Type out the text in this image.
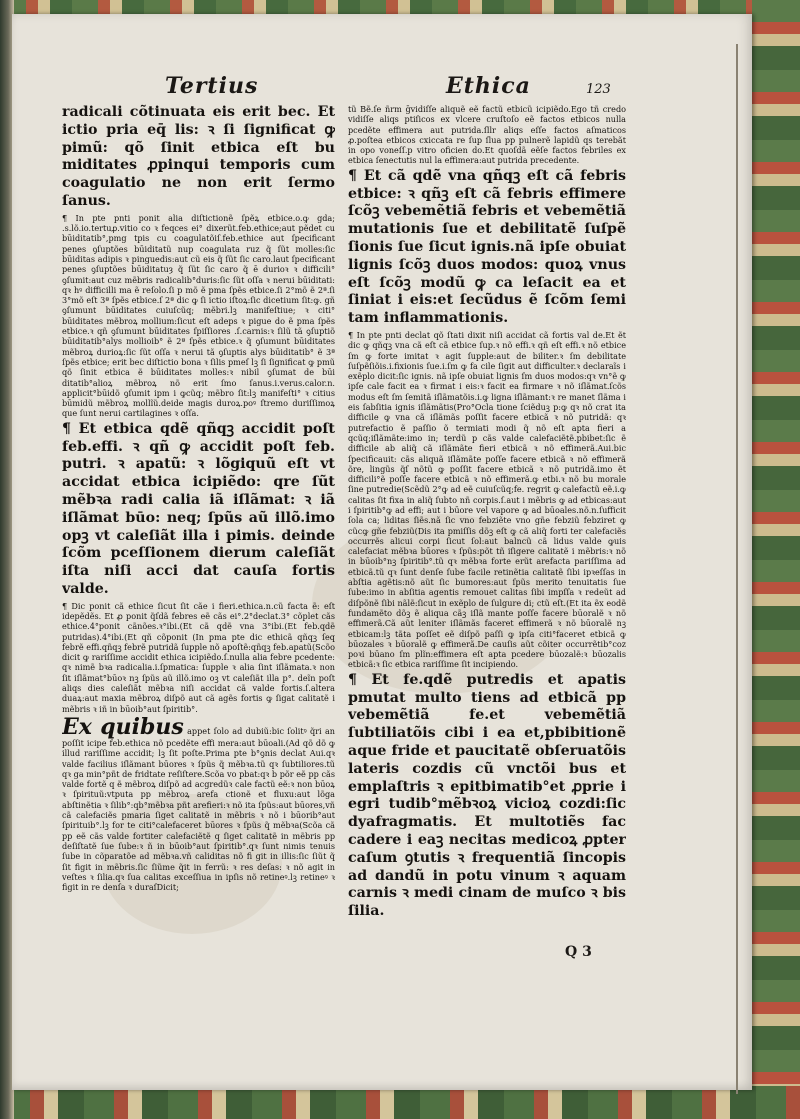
Tertius	Ethica	123

radicali cõtinuata eis erit bec. Et ictio pria eq̄ lis: ꝛ ſi ſignificat ꝙ pimũ: qõ ſinit etbica eſt bu miditates ꝓpinqui temporis cum coagulatio ne non erit ſermo ſanus.

¶ In pte pnti ponit alia diſtictionẽ ſpẽꝝ etbice.o.ꝙ gda; .s.lõ.io.tertuꝓ.vitio co ꝛ feqces ei° dixerũt.feb.ethice;aut pẽdet cu būiditatib°,pmg tpis cu coagulatõiſ.feb.ethice aut ſpecificant penes ꝯſuptões būiditatũ nup coagulata ruz q̃ ſũt molles:ſic būiditas adipis ꝛ pinguedis:aut cũ eis q̃ ſũt ſic caro.laut ſpecificant penes ꝯſuptões būiditatuȝ q̃ ſũt ſic caro q̃ ē durioꝛ ꝛ difficili° ꝯſumit:aut cuz mẽbris radicalib°duris:ſic ſũt oſſa ꝛ nerui būiditati: qꝛ hꝰ difficilli ma ẽ reſolo.ſi p mõ ẽ pma ſpẽs etbice.ſi 2°mõ ẽ 2ª.ſi 3°mõ eſt 3ª ſpẽs etbice.ſ 2ª dic ꝙ ſi ictio iſtoꝝ:ſic dicetium ſit:ꝙ. gñ ꝯſumunt būiditates cuiuſcũq; mẽbri.lꝫ manifeſtiue; ꝛ citi° būiditates mẽbroꝝ mollium:ſicut eſt adeps ꝛ pigue do ẽ pma ſpẽs etbice.ꝛ qñ ꝯſumunt būiditates ſpiſſiores .ſ.carnis:ꝛ ſilũ tã ꝯſuptiõ būiditatib°alys mollioib° ẽ 2ª ſpẽs etbice.ꝛ q̃ ꝯſumunt būiditates mẽbroꝝ durioꝝ:ſic ſũt oſſa ꝛ nerui tã ꝯſuptis alys būiditatib° ẽ 3ª ſpẽs etbice; erit bec diſtictio bona ꝛ ſilis pmeſ lꝫ ſi ſignificat ꝙ pmũ qõ ſinit etbica ẽ būiditates molles:ꝛ nibil ꝯſumat de būi ditatib°alioꝝ mẽbroꝝ nõ erit ſmo ſanus.i.verus.calor.n. applicit°būidõ ꝯſumit ipm i ꝙcũq; mẽbro ſit:lꝫ manifeſti° ꝛ citius būmidũ mẽbroꝝ mollĩũ.deide magis duroꝝ.poꝰ ſtremo duriſſimoꝝ que ſunt nerui cartilagines ꝛ oſſa.

¶ Et etbica qdẽ qñqꝫ accidit poſt feb.effi. ꝛ qñ ꝙ accidit poſt feb. putri. ꝛ apatũ: ꝛ lõgiquũ eſt vt accidat etbica icipiẽdo: qre ſũt mẽbꝛa radi calia iã iſlãmat: ꝛ iã iſlãmat būo: neq; ſpũs aũ illõ.imo opꝫ vt caleſiãt illa i pimis. deinde ſcõm pceſſionem dierum caleſiãt iſta niſi acci dat cauſa fortis valde.

¶ Dic ponit cã ethice ſicut ſit cãe i fieri.ethica.n.cũ facta ẽ: eſt idepẽdẽs. Et ꝓ ponit q̃ſdã febres eẽ cãs ei°.2°declat.3° cõplet cãs ethice.4°ponit cãnões.ꝛ°ibi.(Et cã qdẽ vna 3°ibi.(Et feb.qdẽ putridas).4°ibi.(Et qñ cõponit (In pma pte dic ethicã qñqꝫ ſeq febrẽ effi.qñqꝫ febrẽ putridã ſupple nõ apoſtẽ:qñqꝫ feb.apatũ(Scõo dicit ꝙ rariſſime accidit ethica icipiẽdo.ſ.nulla alia febre pcedente: qꝛ nimẽ bꝛa radicalia.i.ſpmatica: ſupple ꝛ alia ſint iſlãmata.ꝛ non ſit iſlãmat°būoꝛ nꝫ ſpũs aũ illõ.imo oꝫ vt caleſiãt illa p°. deĩn poſt aliqs dies caleſiãt mẽbꝛa niſi accidat cã valde fortis.ſ.altera duaꝝ:aut maxia mẽbroꝝ diſpõ aut cã agẽs fortis ꝙ ſigat calitatẽ i mẽbris ꝛ iñ in būoib°aut ſpiritib°.

Ex quibus appet ſolo ad dubiũ:bic ſolitꝰ q̃ri an poſſit icipe feb.ethica nõ pcedẽte effi mera:aut būoali.(Ad qõ dõ ꝙ illud rariſſime accidit; lꝫ ſit poſte.Prima pte b°ꝯnis declat Aui.qꝛ valde facilius iſlãmant būores ꝛ ſpũs q̃ mẽbꝛa.tũ qꝛ ſubtiliores.tũ qꝛ ga min°pñt de fridtate reſiſtere.Scõa vo pbat:qꝛ b põr eẽ pp cãs valde fortẽ q ẽ mẽbroꝝ diſpõ ad acgredũꝛ cale factũ eẽ:ꝛ non būoꝝ ꝛ ſpirituũ:vtputa pp mẽbroꝝ arefa ctionẽ et fluxu:aut lõga abſtinẽtia ꝛ ſilib°:qb°mẽbꝛa pñt arefieri:ꝛ nõ ita ſpũs:aut būores,vñ cã calefaciẽs pmaria ſiget calitatẽ in mẽbris ꝛ nõ i būorib°aut ſpirituib°.lꝫ for te citi°calefaceret būores ꝛ ſpũs q̃ mẽbꝛa(Scõa cã pp eẽ cãs valde fortiter calefaciẽtẽ q ſiget calitatẽ in mẽbris pp deſiſtatẽ ſue ſube:ꝛ ñ in būoib°aut ſpiritib°.qꝛ ſunt nimis tenuis ſube in cõparatõe ad mẽbꝛa.vñ caliditas nõ fi git in illis:ſic ſiũt q̃ ſit figit in mẽbris.ſic ſiũme q̃it in ferrũ: ꝛ res deſas: ꝛ nõ agit in veſtes ꝛ ſilia.qꝛ ſua calitas exceſſiua in ipſis nõ retineꝰ.lꝫ retineꝰ ꝛ figit in re denſa ꝛ duraſDicit;

tũ Bẽ.ſe ñrm ḡvidiſſe aliquẽ eẽ factũ etbicũ icipiẽdo.Ego tñ credo vidiſſe aliqs ptiſicos ex vlcere cruſtoſo eẽ factos etbicos nulla pcedẽte effimera aut putrida.ſllr aliqs eſſe factos aſmaticos ꝓ.poſtea etbicos cxiccata re ſup ſlua pp pulnerẽ lapidũ qs terebãt in opo voneſſ.p vitro oficien do.Et quoſdã eẽſe factos febriles ex etbica ſenectutis nul la effimera:aut putrida precedente.

¶ Et cã qdẽ vna qñqꝫ eſt cã febris etbice: ꝛ qñꝫ eſt cã febris effimere ſcõꝫ vebemẽtiã febris et vebemẽtiã mutationis ſue et debilitatẽ ſuſpẽ ſionis ſue ſicut ignis.nã ipſe obuiat lignis ſcõꝫ duos modos: quoꝝ vnus eſt ſcõꝫ modũ ꝙ ca leſacit ea et ſiniat i eis:et ſecũdus ẽ ſcõm ſemi tam inflammationis.

¶ In pte pnti declat qõ ſtati dixit niſi accidat cã fortis val de.Et ẽt dic ꝙ qñqꝫ vna cã eſt cã etbice ſup.ꝛ nõ effi.ꝛ qñ eſt effi.ꝛ nõ etbice ſm ꝙ forte imitat ꝛ agit ſupple:aut de biliter.ꝛ ſm debilitate ſuſpẽſiõis.i.fixionis ſue.i.ſm ꝙ fa cile ſigit aut difficulter.ꝛ declaraĩs i exẽplo dicit:ſic ignis. nã ipſe obuiat lignis ſm duos modos:qꝛ vn°ẽ ꝙ ipſe cale facit ea ꝛ firmat i eis:ꝛ facit ea firmare ꝛ nõ iſlãmat.ſcõs modus eſt ſm ſemitã iſlãmatõis.i.ꝙ ligna iſlãmant:ꝛ re manet ſlãma i eis ſabſitia ignis iſlãmãtis(Pro°Ocla tione ſciẽduꝫ p:ꝙ qꝛ nõ crat ita difficile ꝙ vna cã iſlãmãs poſſit facere etbicã ꝛ nõ putridã: qꝛ putrefactio ẽ paſſio õ termiati modi q̃ nõ eſt apta fieri a qcũq;iſlãmãte:imo in; terdũ p cãs valde calefaciẽtẽ.pbibet:ſic ẽ difficile ab aliq̃ cã iſlãmãte fieri etbicã ꝛ nõ effimerã.Aui.bic ſpecificauit: cãs aliquã iſlãmãte poſſe facere etbicã ꝛ nõ effimerã õre, lingũs q̃ſ nõtũ ꝙ poſſit facere etbicã ꝛ nõ putridã.imo ẽt difficili°ẽ poſſe facere etbicã ꝛ nõ effimerã.ꝙ etbi.ꝛ nõ bu morale ſine putredie(Scẽdũ 2°ꝙ ad eẽ cuiuſcũq;fe. regrit ꝙ calefactũ eẽ.i.ꝙ calitas ſit fixa in aliq̃ ſubto nñ corpis.ſ.aut i mẽbris ꝙ ad etbicas:aut i ſpiritib°ꝙ ad effi; aut i būore vel vapore ꝙ ad būoales.nõ.n.ſufficit ſola ca; liditas ſiẽs.nã ſic vno febziẽte vno gñe febziũ febziret ꝙ cũcꝙ gñe febziũ(Dis ita pmiſſis dõꝫ eſt ꝙ cã aliq̃ forti ter calefaciẽs occurrẽs alicui corpi ſicut ſol:aut balncũ cã lidus valde ꝙuis calefaciat mẽbꝛa būores ꝛ ſpũs:põt tñ iſigere calitatẽ i mẽbris:ꝛ nõ in būoib°nꝫ ſpiritib°.tũ qꝛ mẽbꝛa forte erũt arefacta pariſſima ad etbicã.tũ qꝛ ſunt denſe ſube facile retinẽtia calitatẽ ſibi ipꝛeſſas in abſtia agẽtis:nõ aũt ſic bumores:aut ſpũs merito tenuitatis ſue ſube:imo in abſitia agentis remouet calitas ſibi impſſa ꝛ redeũt ad diſpõnẽ ſibi nãlẽ:ſicut in exẽplo de ſulgure di; ctũ eſt.(Et ita ẽx eodẽ fundamẽto dõꝫ ẽ aliqua cãꝫ iſlã mante poſſe facere būoralẽ ꝛ nõ effimerã.Cã aũt leniter iſlãmãs faceret effimerã ꝛ nõ būoralẽ nꝫ etbicam:lꝫ tãta poſſet eẽ diſpõ paſſi ꝙ ipſa citi°faceret etbicã ꝙ būozales ꝛ būoralẽ ꝙ effimerã.De cauſis aũt cõiter occurrẽtib°coz poꝛi būano ſm plĩn:effimera eſt apta pcedere būozalẽ:ꝛ būozalis etbicã:ꝛ ſic etbica rariſſime ſit incipiendo.

¶ Et fe.qdẽ putredis et apatis pmutat multo tiens ad etbicã pp vebemẽtiã fe.et vebemẽtiã ſubtiliatõis cibi i ea et,pbibitionẽ aque fride et paucitatẽ obſeruatõis lateris cozdis cũ vnctõi bus et emplaſtris ꝛ epitbimatib°et ꝓprie i egri tudib°mẽbꝛoꝝ vicioꝝ cozdi:ſic dyafragmatis. Et multotiẽs fac cadere i eaꝫ necitas medicoꝝ ꝓpter caſum ꝯtutis ꝛ frequentiã ſincopis ad dandũ in potu vinum ꝛ aquam carnis ꝛ medi cinam de muſco ꝛ bis ſilia.

Q 3
